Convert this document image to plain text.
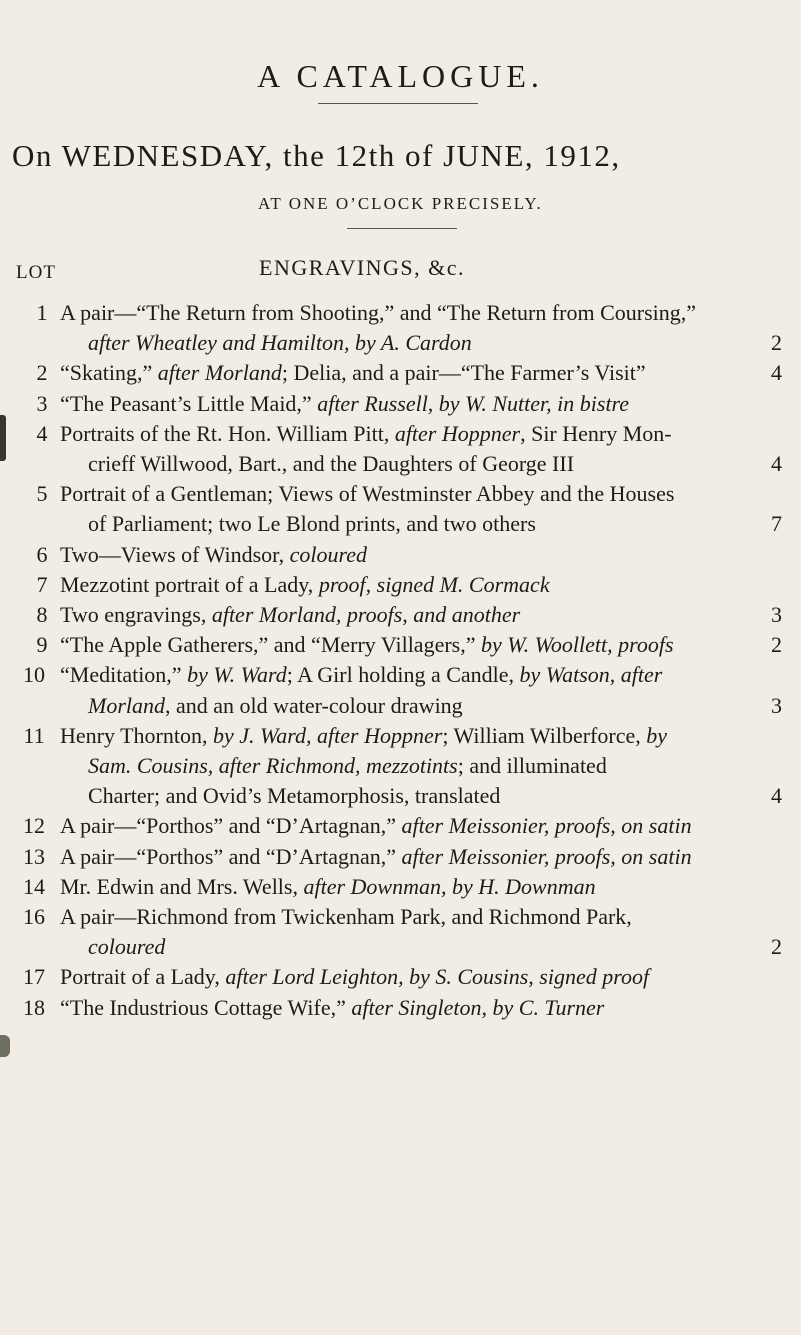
A CATALOGUE.
On WEDNESDAY, the 12th of JUNE, 1912,
AT ONE O’CLOCK PRECISELY.
LOT	ENGRAVINGS, &c.
1 A pair—“The Return from Shooting,” and “The Return from Coursing,”
after Wheatley and Hamilton, by A. Cardon	2
2 “Skating,” after Morland; Delia, and a pair—“The Farmer’s Visit”	4
3 “The Peasant’s Little Maid,” after Russell, by W. Nutter, in bistre
4 Portraits of the Rt. Hon. William Pitt, after Hoppner, Sir Henry Mon-
crieff Willwood, Bart., and the Daughters of George III	4
5 Portrait of a Gentleman; Views of Westminster Abbey and the Houses
of Parliament; two Le Blond prints, and two others	7
6 Two—Views of Windsor, coloured
7 Mezzotint portrait of a Lady, proof, signed M. Cormack
8 Two engravings, after Morland, proofs, and another	3
9 “The Apple Gatherers,” and “Merry Villagers,” by W. Woollett, proofs	2
10 “Meditation,” by W. Ward; A Girl holding a Candle, by Watson, after
Morland, and an old water-colour drawing	3
11 Henry Thornton, by J. Ward, after Hoppner; William Wilberforce, by
Sam. Cousins, after Richmond, mezzotints; and illuminated
Charter; and Ovid’s Metamorphosis, translated	4
12 A pair—“Porthos” and “D’Artagnan,” after Meissonier, proofs, on satin
13 A pair—“Porthos” and “D’Artagnan,” after Meissonier, proofs, on satin
14 Mr. Edwin and Mrs. Wells, after Downman, by H. Downman
16 A pair—Richmond from Twickenham Park, and Richmond Park,
coloured	2
17 Portrait of a Lady, after Lord Leighton, by S. Cousins, signed proof
18 “The Industrious Cottage Wife,” after Singleton, by C. Turner
